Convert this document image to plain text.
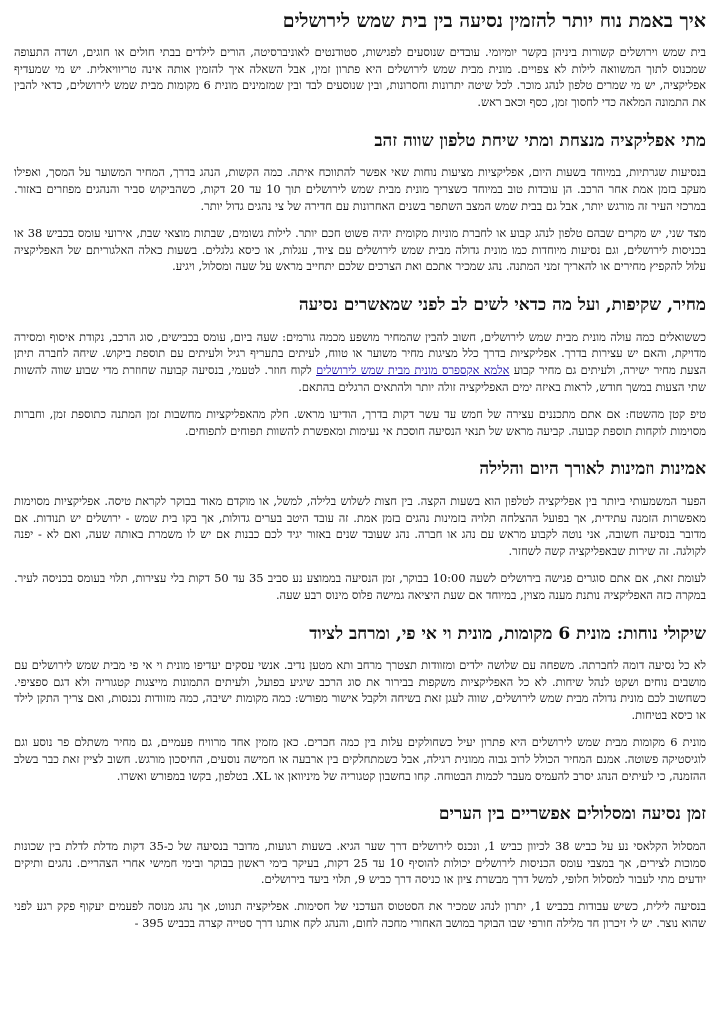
איך באמת נוח יותר להזמין נסיעה בין בית שמש לירושלים

בית שמש וירושלים קשורות ביניהן בקשר יומיומי. עובדים שנוסעים לפגישות, סטודנטים לאוניברסיטה, הורים לילדים בבתי חולים או חוגים, ושדה התעופה שמכנוס לתוך המשוואה לילות לא צפויים. מונית מבית שמש לירושלים היא פתרון זמין, אבל השאלה איך להזמין אותה אינה טריוויאלית. יש מי שמעדיף אפליקציה, יש מי שמרים טלפון לנהג מוכר. לכל שיטה יתרונות וחסרונות, ובין שנוסעים לבד ובין שמזמינים מונית 6 מקומות מבית שמש לירושלים, כדאי להבין את התמונה המלאה כדי לחסוך זמן, כסף וכאב ראש.

מתי אפליקציה מנצחת ומתי שיחת טלפון שווה זהב

בנסיעות שגרתיות, במיוחד בשעות היום, אפליקציות מציעות נוחות שאי אפשר להתווכח איתה. כמה הקשות, הנהג בדרך, המחיר המשוער על המסך, ואפילו מעקב בזמן אמת אחר הרכב. הן עובדות טוב במיוחד כשצריך מונית מבית שמש לירושלים תוך 10 עד 20 דקות, כשהביקוש סביר והנהגים מפוזרים באזור. במרכזי העיר זה מורגש יותר, אבל גם בבית שמש המצב השתפר בשנים האחרונות עם חדירה של צי נהגים גדול יותר.

מצד שני, יש מקרים שבהם טלפון לנהג קבוע או לחברת מוניות מקומית יהיה פשוט חכם יותר. לילות גשומים, שבתות מוצאי שבת, אירועי עומס בכביש 38 או בכניסות לירושלים, וגם נסיעות מיוחדות כמו מונית גדולה מבית שמש לירושלים עם ציוד, עגלות, או כיסא גלגלים. בשעות כאלה האלגוריתם של האפליקציה עלול להקפיץ מחירים או להאריך זמני המתנה. נהג שמכיר אתכם ואת הצרכים שלכם יתחייב מראש על שעה ומסלול, ויגיע.

מחיר, שקיפות, ועל מה כדאי לשים לב לפני שמאשרים נסיעה

כששואלים כמה עולה מונית מבית שמש לירושלים, חשוב להבין שהמחיר מושפע מכמה גורמים: שעה ביום, עומס בכבישים, סוג הרכב, נקודת איסוף ומסירה מדויקת, והאם יש עצירות בדרך. אפליקציות בדרך כלל מציגות מחיר משוער או טווח, לעיתים בתעריף רגיל ולעיתים עם תוספת ביקוש. שיחה לחברה תיתן הצעת מחיר ישירה, ולעיתים גם מחיר קבוע אלמא אקספרס מונית מבית שמש לירושלים לקוח חוזר. לטעמי, בנסיעה קבועה שחוזרת מדי שבוע שווה להשוות שתי הצעות במשך חודש, לראות באיזה ימים האפליקציה זולה יותר ולהתאים הרגלים בהתאם.

טיפ קטן מהשטח: אם אתם מתכננים עצירה של חמש עד עשר דקות בדרך, הודיעו מראש. חלק מהאפליקציות מחשבות זמן המתנה כתוספת זמן, וחברות מסוימות לוקחות תוספת קבועה. קביעה מראש של תנאי הנסיעה חוסכת אי נעימות ומאפשרת להשוות תפוחים לתפוחים.

אמינות וזמינות לאורך היום והלילה

הפער המשמעותי ביותר בין אפליקציה לטלפון הוא בשעות הקצה. בין חצות לשלוש בלילה, למשל, או מוקדם מאוד בבוקר לקראת טיסה. אפליקציות מסוימות מאפשרות הזמנה עתידית, אך בפועל ההצלחה תלויה בזמינות נהגים בזמן אמת. זה עובד היטב בערים גדולות, אך בקו בית שמש - ירושלים יש תנודות. אם מדובר בנסיעה חשובה, אני נוטה לקבוע מראש עם נהג או חברה. נהג שעובד שנים באזור יגיד לכם כבנות אם יש לו משמרת באותה שעה, ואם לא - יפנה לקולגה. זה שירות שבאפליקציה קשה לשחזר.

לעומת זאת, אם אתם סוגרים פגישה בירושלים לשעה 10:00 בבוקר, זמן הנסיעה בממוצע נע סביב 35 עד 50 דקות בלי עצירות, תלוי בעומס בכניסה לעיר. במקרה כזה האפליקציה נותנת מענה מצוין, במיוחד אם שעת היציאה גמישה פלוס מינוס רבע שעה.

שיקולי נוחות: מונית 6 מקומות, מונית וי אי פי, ומרחב לציוד

לא כל נסיעה דומה לחברתה. משפחה עם שלושה ילדים ומזוודות תצטרך מרחב ותא מטען נדיב. אנשי עסקים יעדיפו מונית וי אי פי מבית שמש לירושלים עם מושבים נוחים ושקט לנהל שיחות. לא כל האפליקציות משקפות בבירור את סוג הרכב שיגיע בפועל, ולעיתים התמונות מייצגות קטגוריה ולא דגם ספציפי. כשחשוב לכם מונית גדולה מבית שמש לירושלים, שווה לעגן זאת בשיחה ולקבל אישור מפורש: כמה מקומות ישיבה, כמה מזוודות נכנסות, ואם צריך התקן לילד או כיסא בטיחות.

מונית 6 מקומות מבית שמש לירושלים היא פתרון יעיל כשחולקים עלות בין כמה חברים. כאן מזמין אחד מרוויח פעמיים, גם מחיר משתלם פר נוסע וגם לוגיסטיקה פשוטה. אמנם המחיר הכולל לרוב גבוה ממונית רגילה, אבל כשמתחלקים בין ארבעה או חמישה נוסעים, החיסכון מורגש. חשוב לציין זאת כבר בשלב ההזמנה, כי לעיתים הנהג יסרב להעמיס מעבר לכמות הבטוחה. קחו בחשבון קטגוריה של מיניוואן או XL. בטלפון, בקשו במפורש ואשרו.

זמן נסיעה ומסלולים אפשריים בין הערים

המסלול הקלאסי נע על כביש 38 לכיוון כביש 1, ונכנס לירושלים דרך שער הגיא. בשעות רגועות, מדובר בנסיעה של כ-35 דקות מדלת לדלת בין שכונות סמוכות לצירים, אך במצבי עומס הכניסות לירושלים יכולות להוסיף 10 עד 25 דקות, בעיקר בימי ראשון בבוקר ובימי חמישי אחרי הצהריים. נהגים ותיקים יודעים מתי לעבור למסלול חלופי, למשל דרך מבשרת ציון או כניסה דרך כביש 9, תלוי ביעד בירושלים.

בנסיעה לילית, כשיש עבודות בכביש 1, יתרון לנהג שמכיר את הסטטוס העדכני של חסימות. אפליקציה תנווט, אך נהג מנוסה לפעמים יעקוף פקק רגע לפני שהוא נוצר. יש לי זיכרון חד מלילה חורפי שבו הבוקר במושב האחורי מחכה לחום, והנהג לקח אותנו דרך סטייה קצרה בכביש 395 -
